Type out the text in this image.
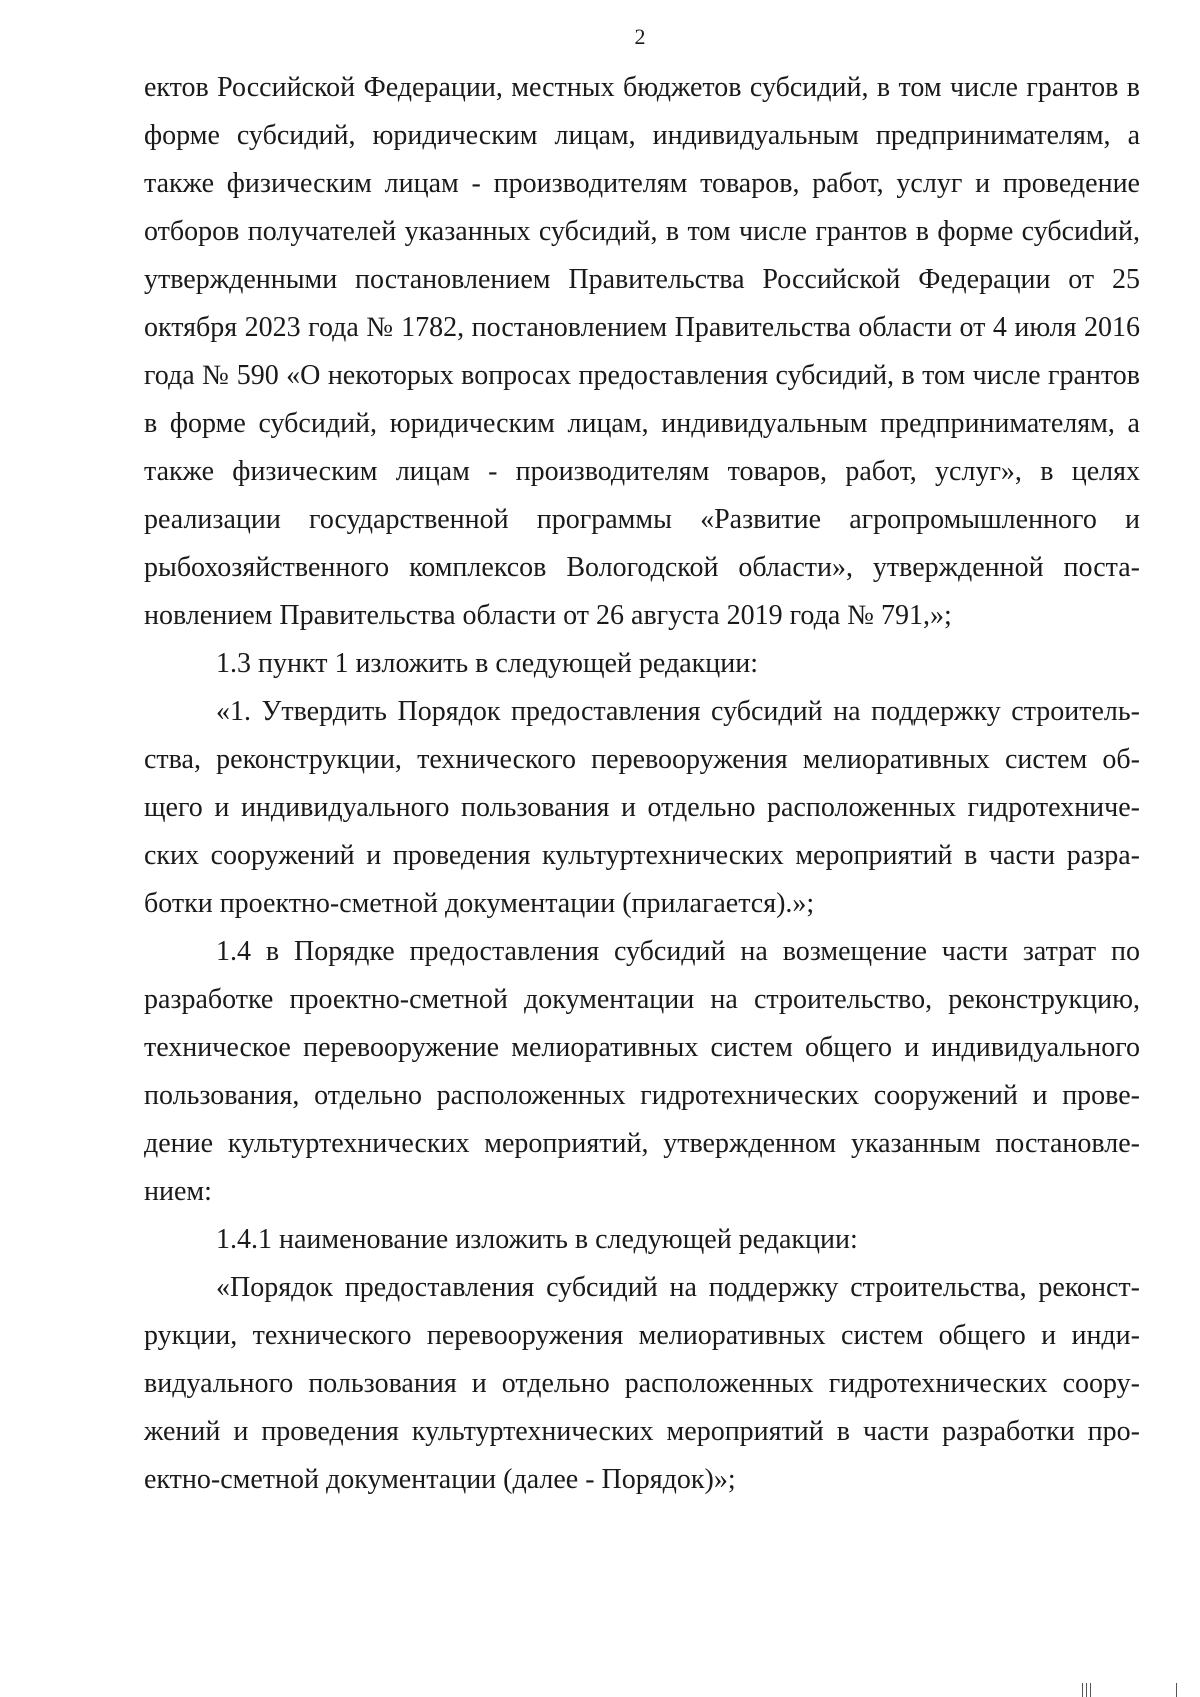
2

ектов Российской Федерации, местных бюджетов субсидий, в том числе грантов в форме субсидий, юридическим лицам, индивидуальным предпринимателям, а также физическим лицам - производителям товаров, работ, услуг и проведение отборов получателей указанных субсидий, в том числе грантов в форме субсиdий, утвержденными постановлением Правительства Российской Федерации от 25 октября 2023 года № 1782, постановлением Правительства области от 4 июля 2016 года № 590 «О некоторых вопросах предоставления субсидий, в том числе грантов в форме субсидий, юридическим лицам, индивидуальным предпринимателям, а также физическим лицам - производителям товаров, работ, услуг», в целях реализации государственной программы «Развитие агропромышленного и рыбохозяйственного комплексов Вологодской области», утвержденной постановлением Правительства области от 26 августа 2019 года № 791,»;

1.3 пункт 1 изложить в следующей редакции:

«1. Утвердить Порядок предоставления субсидий на поддержку строительства, реконструкции, технического перевооружения мелиоративных систем общего и индивидуального пользования и отдельно расположенных гидротехнических сооружений и проведения культуртехнических мероприятий в части разработки проектно-сметной документации (прилагается).»;

1.4 в Порядке предоставления субсидий на возмещение части затрат по разработке проектно-сметной документации на строительство, реконструкцию, техническое перевооружение мелиоративных систем общего и индивидуального пользования, отдельно расположенных гидротехнических сооружений и проведение культуртехнических мероприятий, утвержденном указанным постановлением:

1.4.1 наименование изложить в следующей редакции:

«Порядок предоставления субсидий на поддержку строительства, реконструкции, технического перевооружения мелиоративных систем общего и индивидуального пользования и отдельно расположенных гидротехнических сооружений и проведения культуртехнических мероприятий в части разработки проектно-сметной документации (далее - Порядок)»;
